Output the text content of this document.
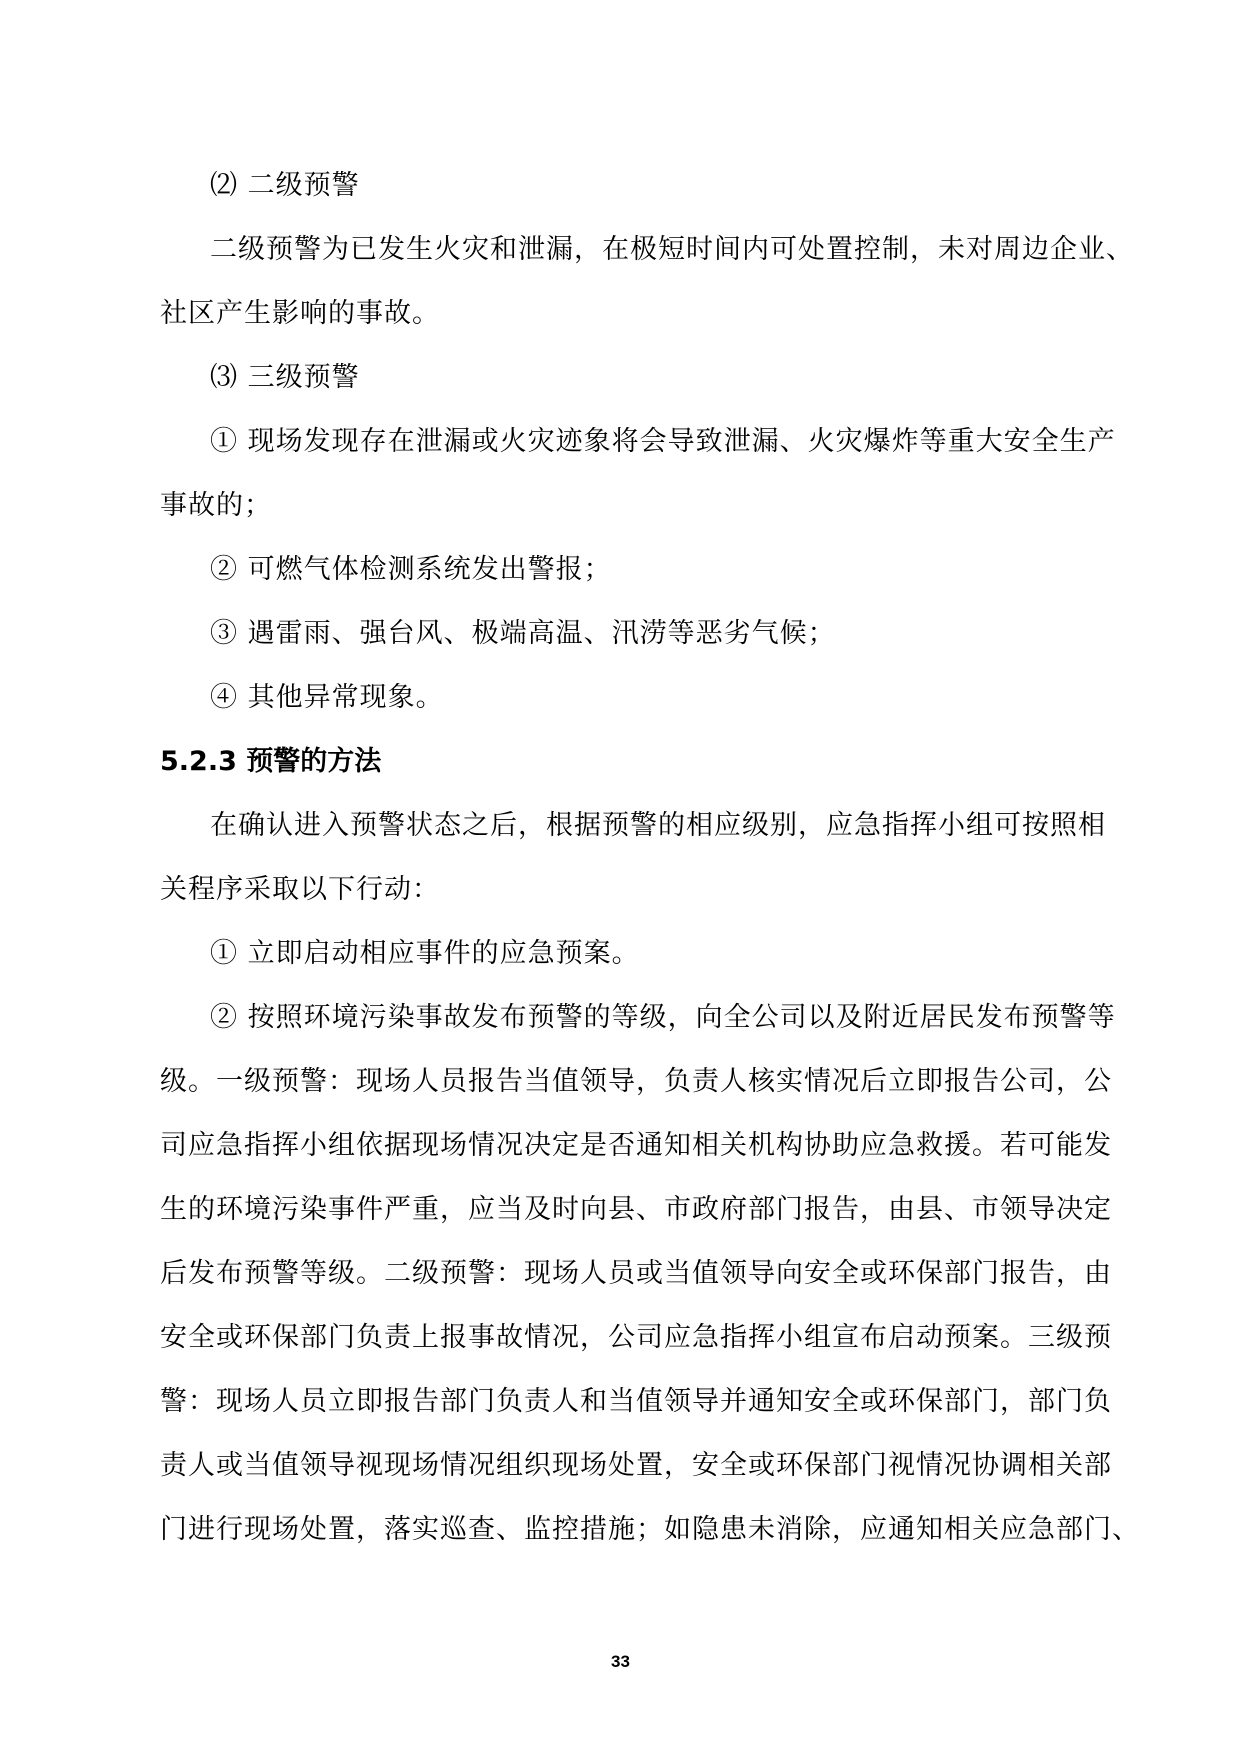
⑵ 二级预警
二级预警为已发生火灾和泄漏，在极短时间内可处置控制，未对周边企业、
社区产生影响的事故。
⑶ 三级预警
① 现场发现存在泄漏或火灾迹象将会导致泄漏、火灾爆炸等重大安全生产
事故的；
② 可燃气体检测系统发出警报；
③ 遇雷雨、强台风、极端高温、汛涝等恶劣气候；
④ 其他异常现象。
5.2.3 预警的方法
在确认进入预警状态之后，根据预警的相应级别，应急指挥小组可按照相
关程序采取以下行动：
① 立即启动相应事件的应急预案。
② 按照环境污染事故发布预警的等级，向全公司以及附近居民发布预警等
级。一级预警：现场人员报告当值领导，负责人核实情况后立即报告公司，公
司应急指挥小组依据现场情况决定是否通知相关机构协助应急救援。若可能发
生的环境污染事件严重，应当及时向县、市政府部门报告，由县、市领导决定
后发布预警等级。二级预警：现场人员或当值领导向安全或环保部门报告，由
安全或环保部门负责上报事故情况，公司应急指挥小组宣布启动预案。三级预
警：现场人员立即报告部门负责人和当值领导并通知安全或环保部门，部门负
责人或当值领导视现场情况组织现场处置，安全或环保部门视情况协调相关部
门进行现场处置，落实巡查、监控措施；如隐患未消除，应通知相关应急部门、
33
